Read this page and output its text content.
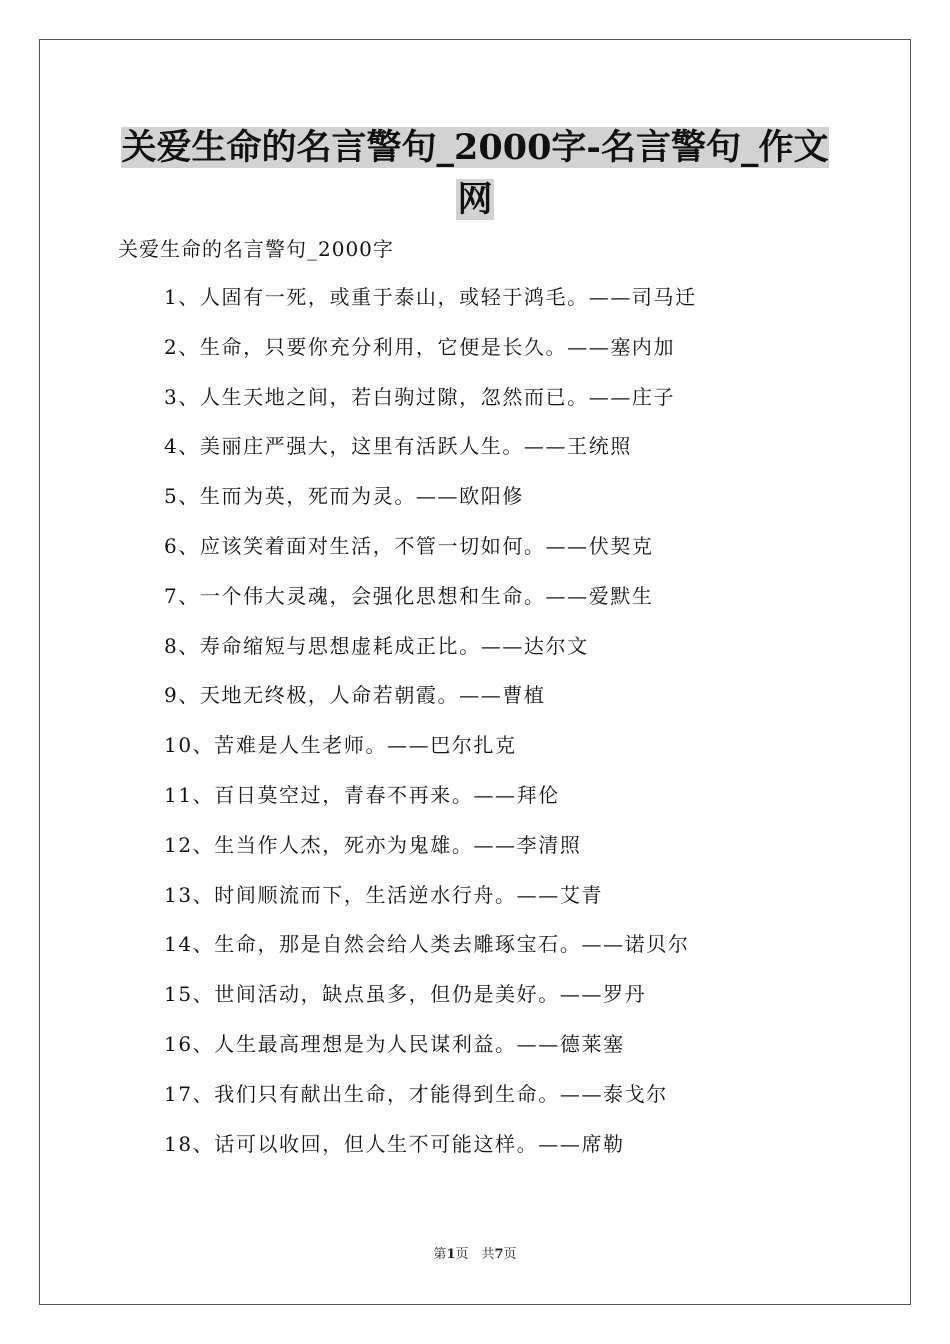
关爱生命的名言警句_2000字-名言警句_作文
网

关爱生命的名言警句_2000字

1、人固有一死，或重于泰山，或轻于鸿毛。——司马迁
2、生命，只要你充分利用，它便是长久。——塞内加
3、人生天地之间，若白驹过隙，忽然而已。——庄子
4、美丽庄严强大，这里有活跃人生。——王统照
5、生而为英，死而为灵。——欧阳修
6、应该笑着面对生活，不管一切如何。——伏契克
7、一个伟大灵魂，会强化思想和生命。——爱默生
8、寿命缩短与思想虚耗成正比。——达尔文
9、天地无终极，人命若朝霞。——曹植
10、苦难是人生老师。——巴尔扎克
11、百日莫空过，青春不再来。——拜伦
12、生当作人杰，死亦为鬼雄。——李清照
13、时间顺流而下，生活逆水行舟。——艾青
14、生命，那是自然会给人类去雕琢宝石。——诺贝尔
15、世间活动，缺点虽多，但仍是美好。——罗丹
16、人生最高理想是为人民谋利益。——德莱塞
17、我们只有献出生命，才能得到生命。——泰戈尔
18、话可以收回，但人生不可能这样。——席勒
第1页　共7页
